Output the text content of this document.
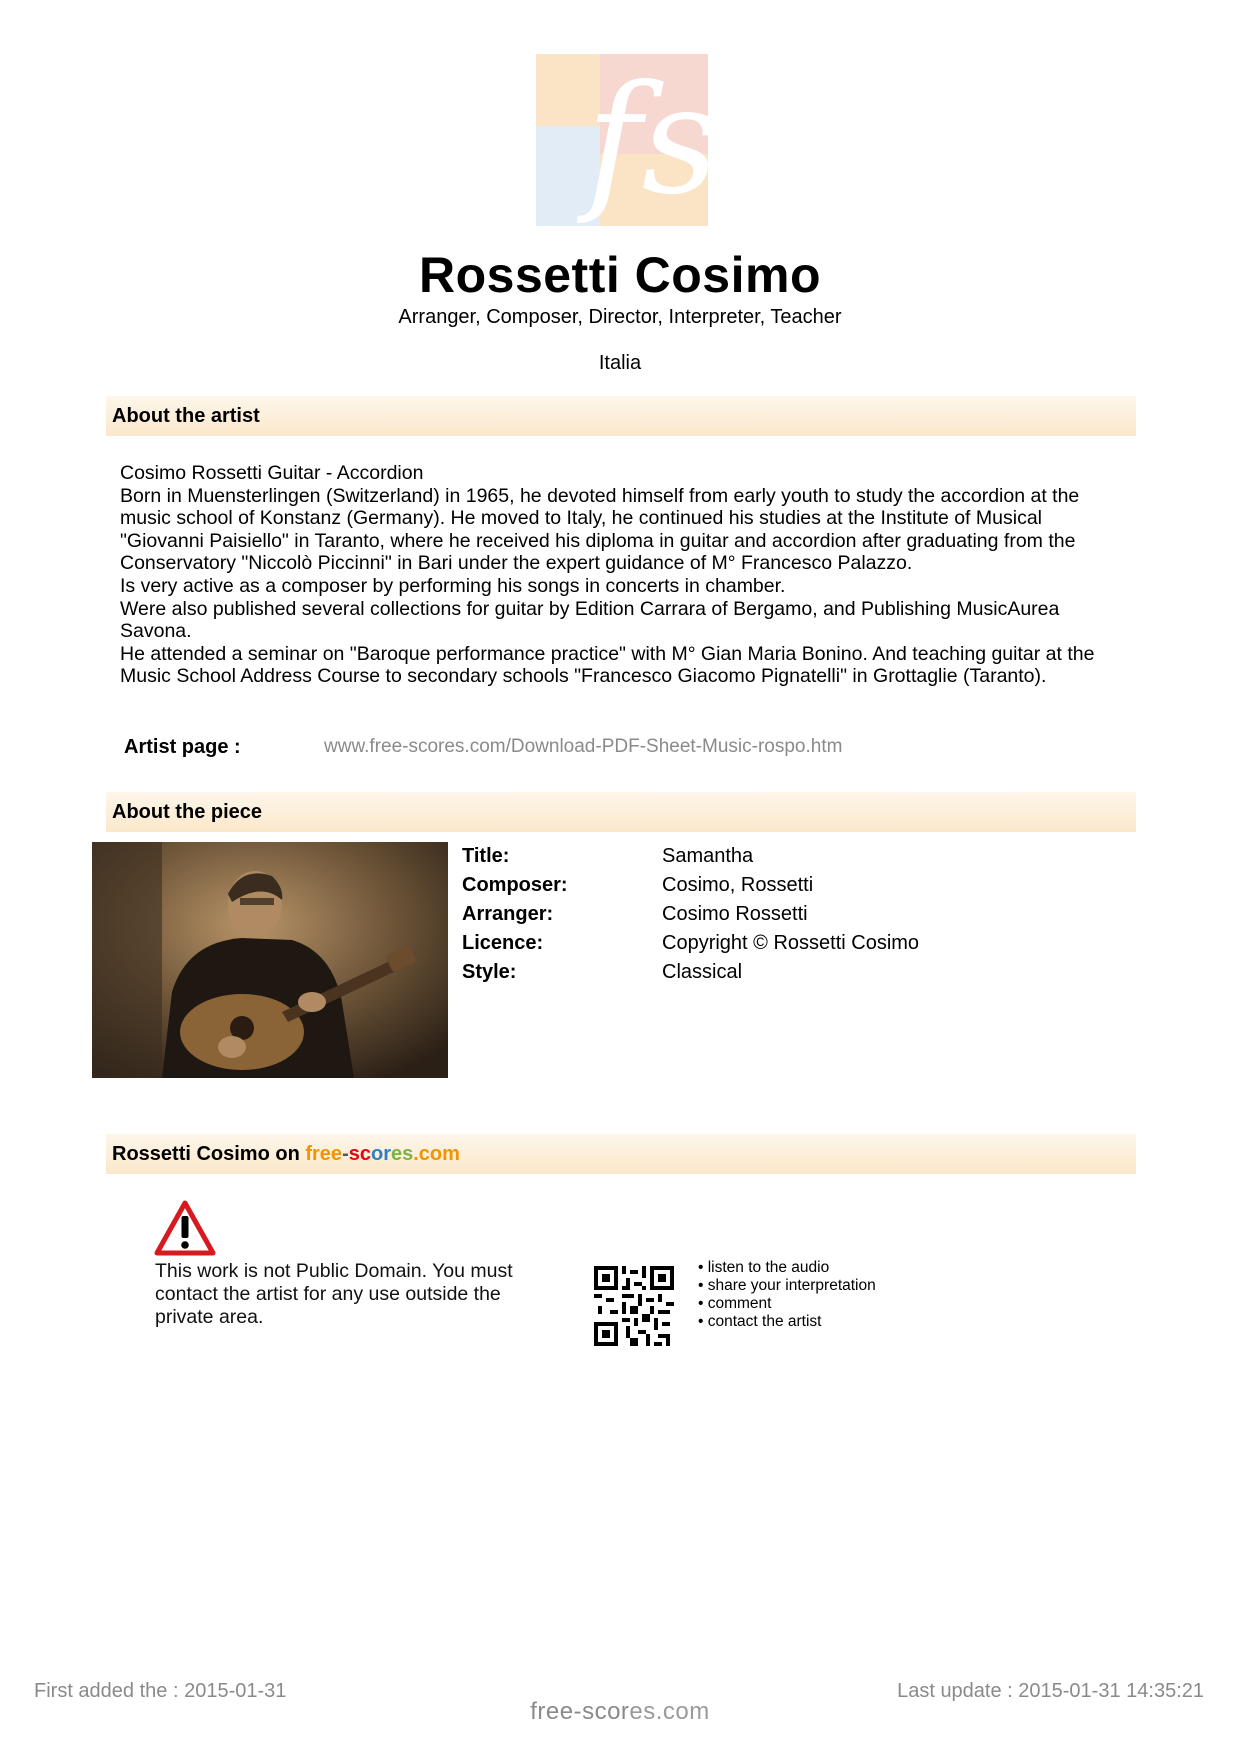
fs
Rossetti Cosimo
Arranger, Composer, Director, Interpreter, Teacher
Italia
About the artist

Cosimo Rossetti Guitar - Accordion

Born in Muensterlingen (Switzerland) in 1965, he devoted himself from early youth to study the accordion at the music school of Konstanz (Germany). He moved to Italy, he continued his studies at the Institute of Musical "Giovanni Paisiello" in Taranto, where he received his diploma in guitar and accordion after graduating from the Conservatory "Niccolò Piccinni" in Bari under the expert guidance of M° Francesco Palazzo.

Is very active as a composer by performing his songs in concerts in chamber.

Were also published several collections for guitar by Edition Carrara of Bergamo, and Publishing MusicAurea Savona.

He attended a seminar on "Baroque performance practice" with M° Gian Maria Bonino. And teaching guitar at the Music School Address Course to secondary schools "Francesco Giacomo Pignatelli" in Grottaglie (Taranto).

Artist page :	www.free-scores.com/Download-PDF-Sheet-Music-rospo.htm
About the piece
Title:	Samantha
Composer:	Cosimo, Rossetti
Arranger:	Cosimo Rossetti
Licence:	Copyright © Rossetti Cosimo
Style:	Classical
Rossetti Cosimo on free-scores.com
This work is not Public Domain. You must contact the artist for any use outside the private area.
• listen to the audio
• share your interpretation
• comment
• contact the artist
First added the : 2015-01-31	Last update : 2015-01-31 14:35:21
free-scores.com
